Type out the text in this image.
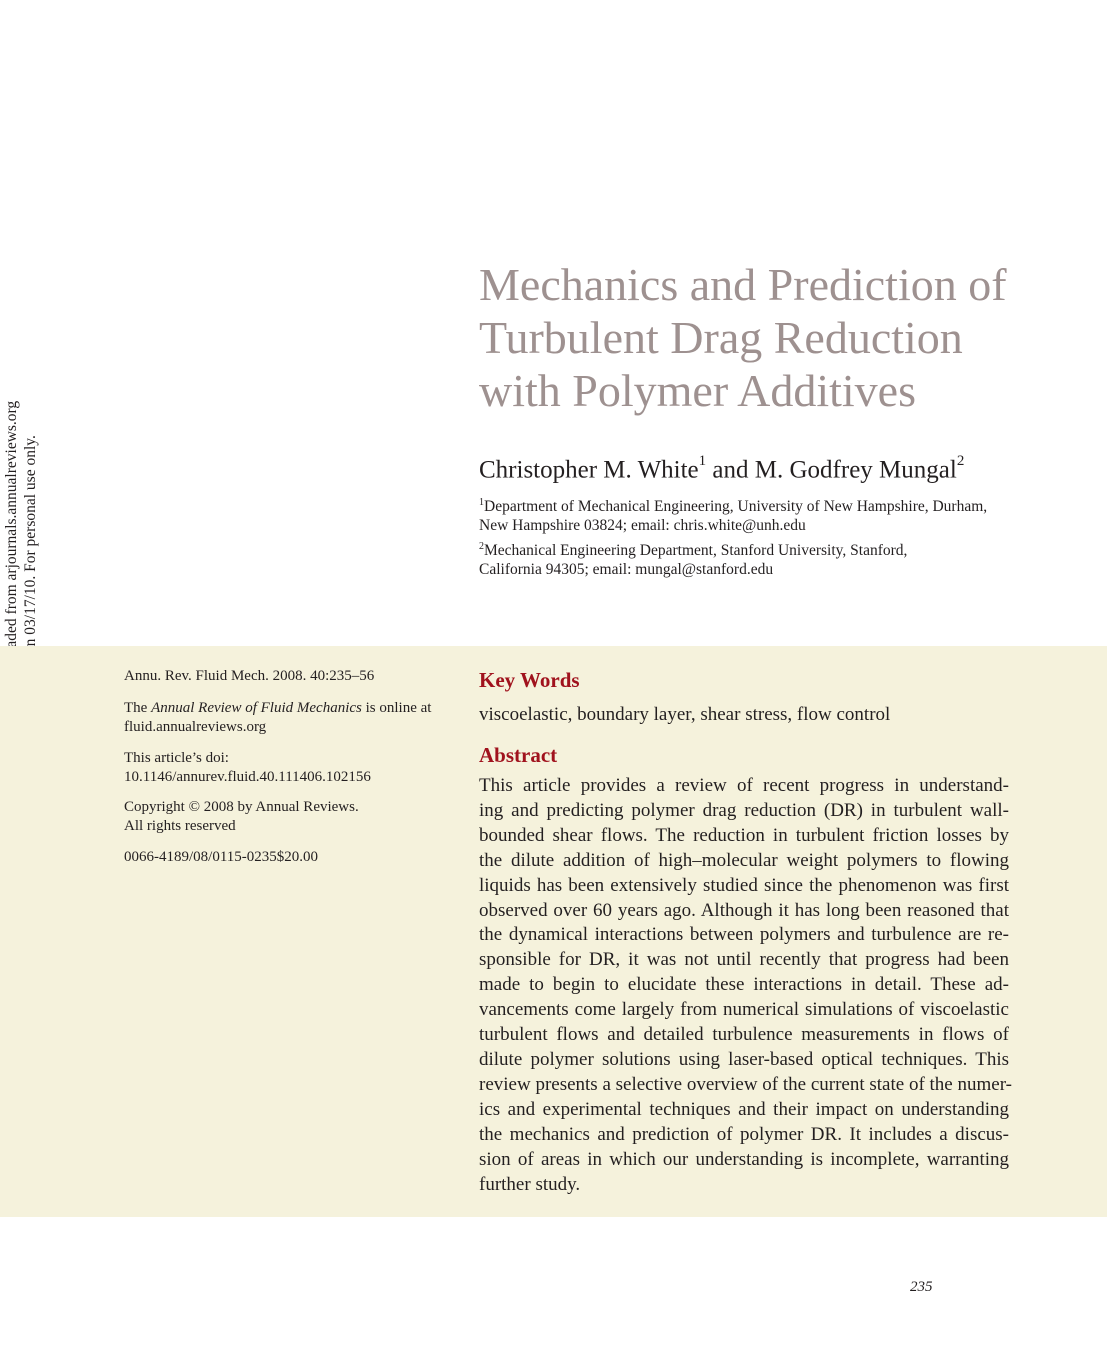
Mechanics and Prediction of
Turbulent Drag Reduction
with Polymer Additives
Christopher M. White$^1$ and M. Godfrey Mungal$^2$
$^1$Department of Mechanical Engineering, University of New Hampshire, Durham,
New Hampshire 03824; email: chris.white@unh.edu
$^2$Mechanical Engineering Department, Stanford University, Stanford,
California 94305; email: mungal@stanford.edu
Annu. Rev. Fluid Mech. 2008. 40:235–56
The Annual Review of Fluid Mechanics is online at
fluid.annualreviews.org
This article’s doi:
10.1146/annurev.fluid.40.111406.102156
Copyright © 2008 by Annual Reviews.
All rights reserved
0066-4189/08/0115-0235$20.00
Key Words

viscoelastic, boundary layer, shear stress, flow control

Abstract
This article provides a review of recent progress in understand-
ing and predicting polymer drag reduction (DR) in turbulent wall-
bounded shear flows. The reduction in turbulent friction losses by
the dilute addition of high–molecular weight polymers to flowing
liquids has been extensively studied since the phenomenon was first
observed over 60 years ago. Although it has long been reasoned that
the dynamical interactions between polymers and turbulence are re-
sponsible for DR, it was not until recently that progress had been
made to begin to elucidate these interactions in detail. These ad-
vancements come largely from numerical simulations of viscoelastic
turbulent flows and detailed turbulence measurements in flows of
dilute polymer solutions using laser-based optical techniques. This
review presents a selective overview of the current state of the numer-
ics and experimental techniques and their impact on understanding
the mechanics and prediction of polymer DR. It includes a discus-
sion of areas in which our understanding is incomplete, warranting
further study.
235
